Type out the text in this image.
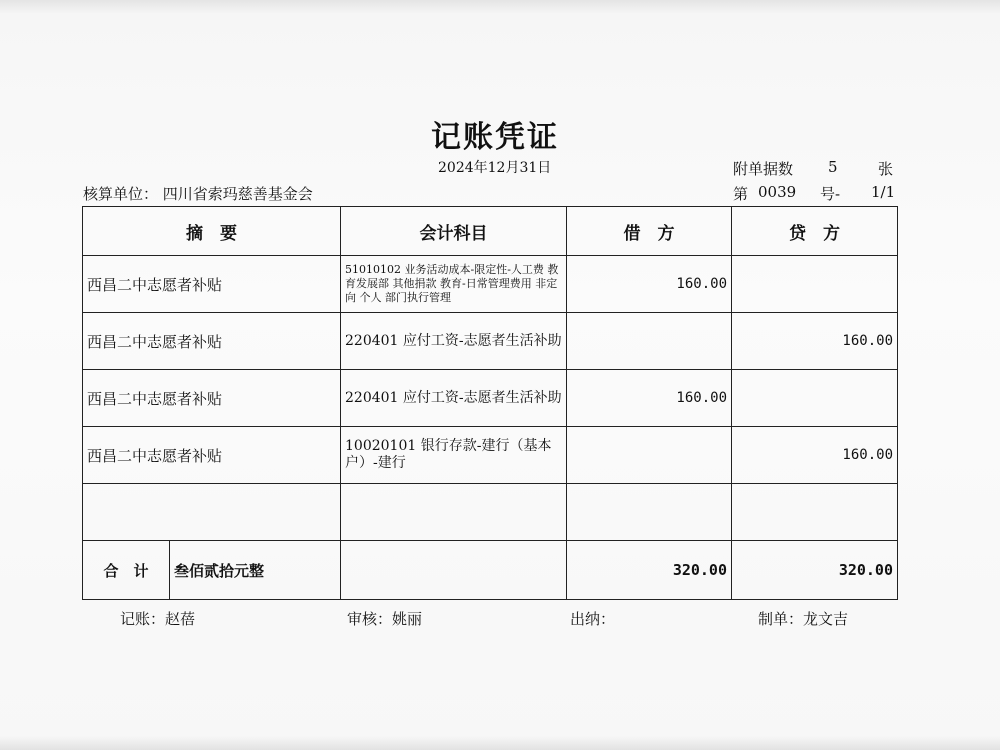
记账凭证
2024年12月31日	附单据数 5	张
核算单位： 四川省索玛慈善基金会	第 0039 号- 1/1
摘　要	会计科目	借　方	贷　方
西昌二中志愿者补贴	51010102 业务活动成本-限定性-人工费 教育发展部 其他捐款 教育-日常管理费用 非定向 个人 部门执行管理	160.00	
西昌二中志愿者补贴	220401 应付工资-志愿者生活补助		160.00
西昌二中志愿者补贴	220401 应付工资-志愿者生活补助	160.00	
西昌二中志愿者补贴	10020101 银行存款-建行（基本户）-建行		160.00

合　计 叁佰贰拾元整		320.00	320.00
记账：赵蓓	审核：姚丽	出纳：	制单：龙文吉
